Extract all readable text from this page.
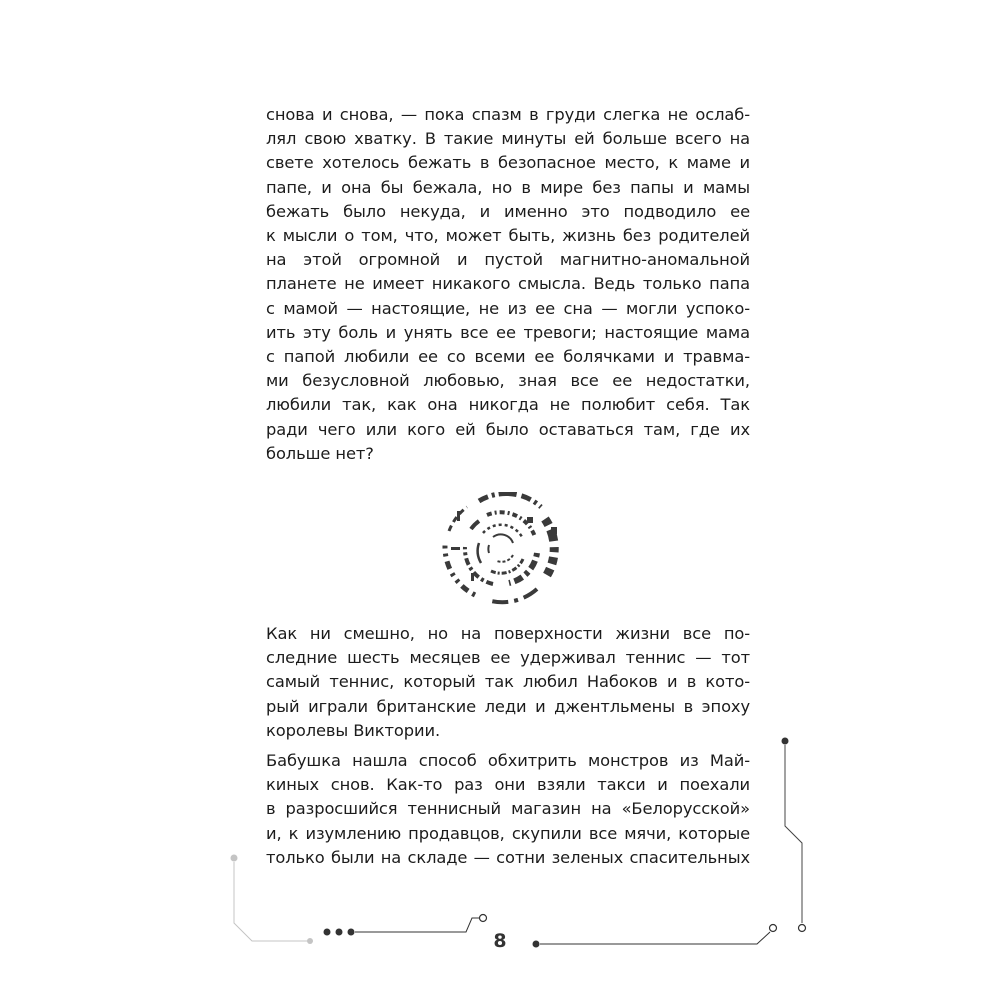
снова и снова, — пока спазм в груди слегка не ослаб-
лял свою хватку. В такие минуты ей больше всего на
свете хотелось бежать в безопасное место, к маме и
папе, и она бы бежала, но в мире без папы и мамы
бежать было некуда, и именно это подводило ее
к мысли о том, что, может быть, жизнь без родителей
на этой огромной и пустой магнитно-аномальной
планете не имеет никакого смысла. Ведь только папа
с мамой — настоящие, не из ее сна — могли успоко-
ить эту боль и унять все ее тревоги; настоящие мама
с папой любили ее со всеми ее болячками и травма-
ми безусловной любовью, зная все ее недостатки,
любили так, как она никогда не полюбит себя. Так
ради чего или кого ей было оставаться там, где их
больше нет?
Как ни смешно, но на поверхности жизни все по-
следние шесть месяцев ее удерживал теннис — тот
самый теннис, который так любил Набоков и в кото-
рый играли британские леди и джентльмены в эпоху
королевы Виктории.
Бабушка нашла способ обхитрить монстров из Май-
киных снов. Как-то раз они взяли такси и поехали
в разросшийся теннисный магазин на «Белорусской»
и, к изумлению продавцов, скупили все мячи, которые
только были на складе — сотни зеленых спасительных
8
